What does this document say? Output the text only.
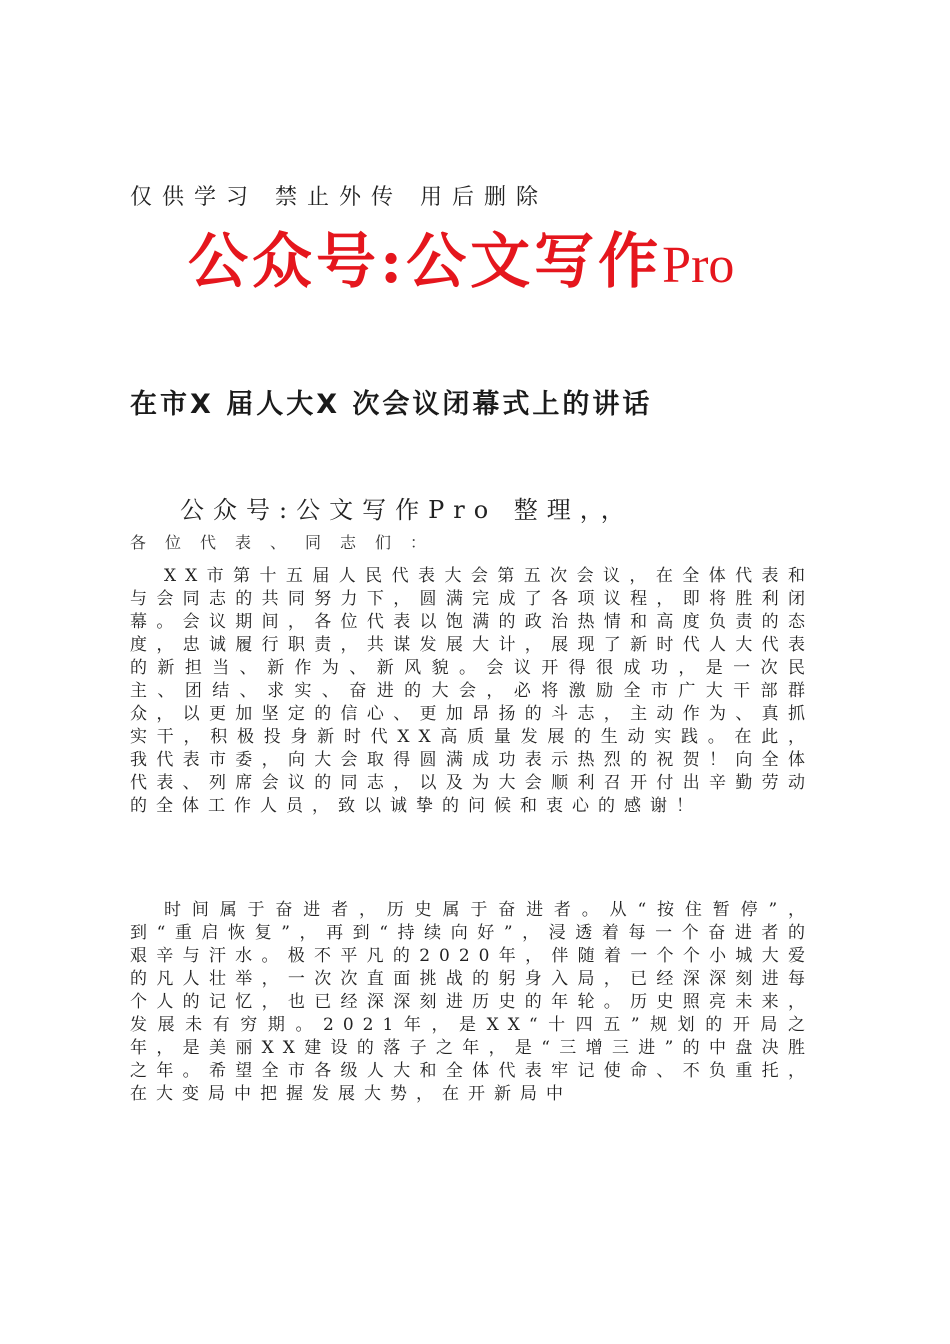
仅供学习 禁止外传 用后删除
公众号:公文写作Pro
在市X 届人大X 次会议闭幕式上的讲话
公众号:公文写作Pro 整理，，
各位代表、同志们：

XX市第十五届人民代表大会第五次会议，在全体代表和与会同志的共同努力下，圆满完成了各项议程，即将胜利闭幕。会议期间，各位代表以饱满的政治热情和高度负责的态度，忠诚履行职责，共谋发展大计，展现了新时代人大代表的新担当、新作为、新风貌。会议开得很成功，是一次民主、团结、求实、奋进的大会，必将激励全市广大干部群众，以更加坚定的信心、更加昂扬的斗志，主动作为、真抓实干，积极投身新时代XX高质量发展的生动实践。在此，我代表市委，向大会取得圆满成功表示热烈的祝贺！向全体代表、列席会议的同志，以及为大会顺利召开付出辛勤劳动的全体工作人员，致以诚挚的问候和衷心的感谢！

时间属于奋进者，历史属于奋进者。从“按住暂停”，到“重启恢复”，再到“持续向好”，浸透着每一个奋进者的艰辛与汗水。极不平凡的2020年，伴随着一个个小城大爱的凡人壮举，一次次直面挑战的躬身入局，已经深深刻进每个人的记忆，也已经深深刻进历史的年轮。历史照亮未来，发展未有穷期。2021年，是XX“十四五”规划的开局之年，是美丽XX建设的落子之年，是“三增三进”的中盘决胜之年。希望全市各级人大和全体代表牢记使命、不负重托，在大变局中把握发展大势，在开新局中
